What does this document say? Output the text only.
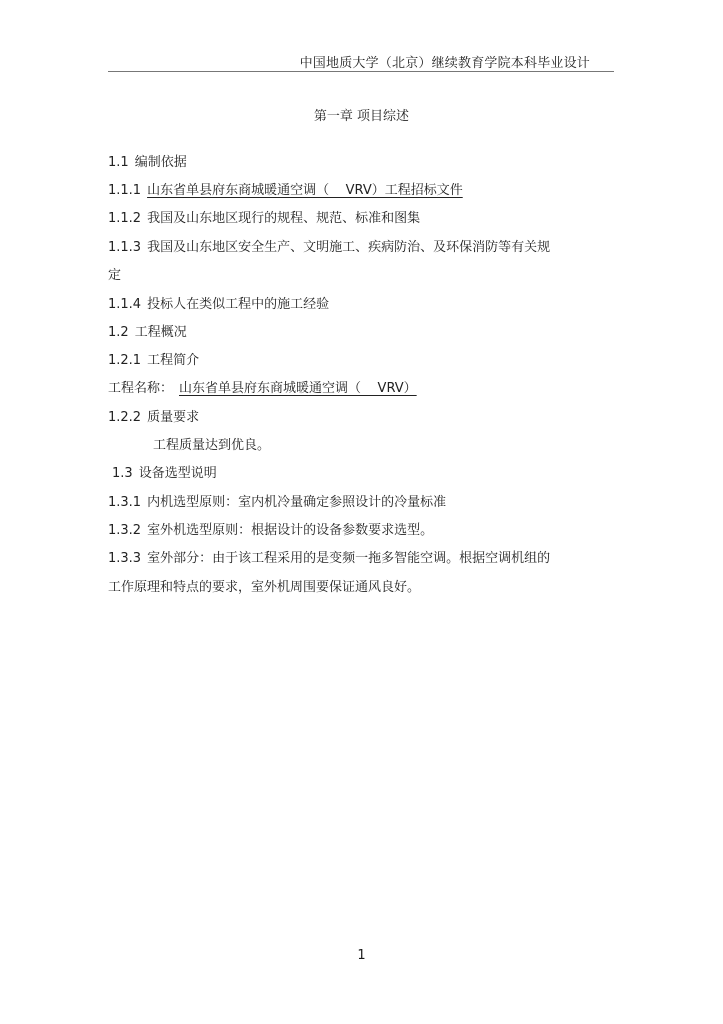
中国地质大学（北京）继续教育学院本科毕业设计
第一章 项目综述
1.1 编制依据
1.1.1 山东省单县府东商城暖通空调（    VRV）工程招标文件
1.1.2 我国及山东地区现行的规程、规范、标准和图集
1.1.3 我国及山东地区安全生产、文明施工、疾病防治、及环保消防等有关规
定
1.1.4 投标人在类似工程中的施工经验
1.2 工程概况
1.2.1 工程简介
工程名称： 山东省单县府东商城暖通空调（    VRV）
1.2.2 质量要求
工程质量达到优良。
1.3 设备选型说明
1.3.1 内机选型原则：室内机冷量确定参照设计的冷量标准
1.3.2 室外机选型原则：根据设计的设备参数要求选型。
1.3.3 室外部分：由于该工程采用的是变频一拖多智能空调。根据空调机组的
工作原理和特点的要求，室外机周围要保证通风良好。
1
